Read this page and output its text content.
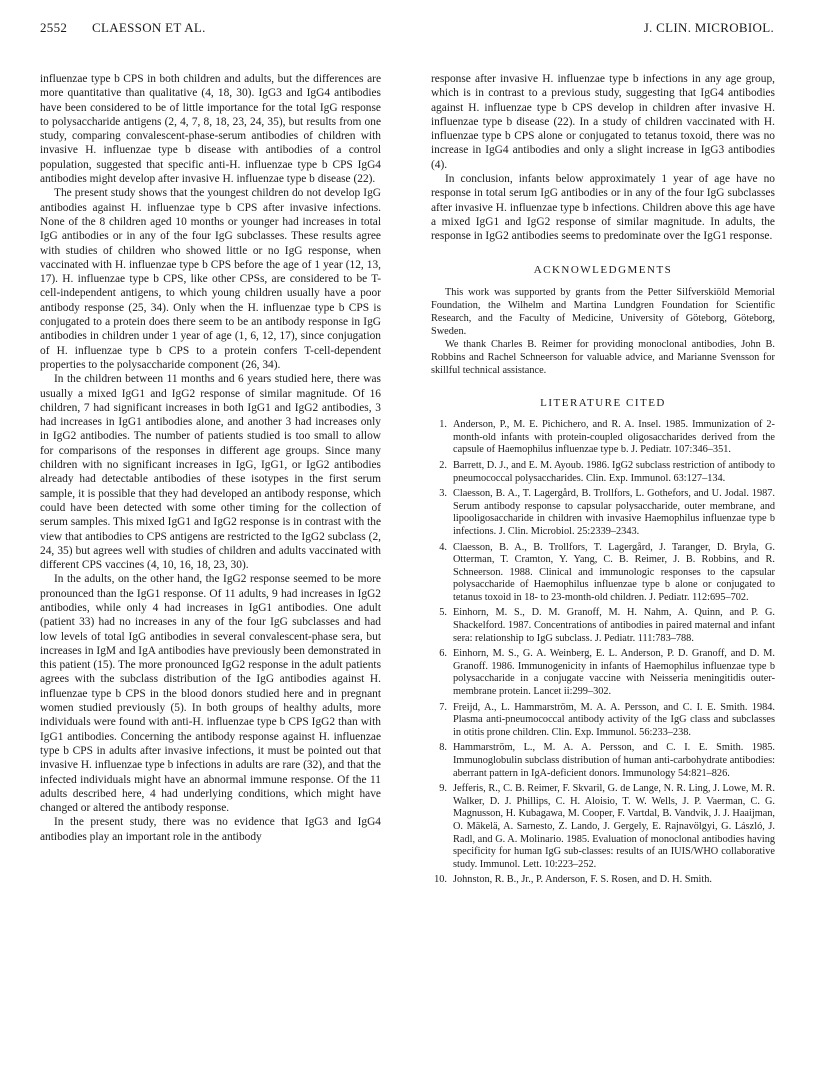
2552 CLAESSON ET AL.	J. CLIN. MICROBIOL.

influenzae type b CPS in both children and adults, but the differences are more quantitative than qualitative (4, 18, 30). IgG3 and IgG4 antibodies have been considered to be of little importance for the total IgG response to polysaccharide antigens (2, 4, 7, 8, 18, 23, 24, 35), but results from one study, comparing convalescent-phase-serum antibodies of children with invasive H. influenzae type b disease with antibodies of a control population, suggested that specific anti-H. influenzae type b CPS IgG4 antibodies might develop after invasive H. influenzae type b disease (22).

The present study shows that the youngest children do not develop IgG antibodies against H. influenzae type b CPS after invasive infections. None of the 8 children aged 10 months or younger had increases in total IgG antibodies or in any of the four IgG subclasses. These results agree with studies of children who showed little or no IgG response, when vaccinated with H. influenzae type b CPS before the age of 1 year (12, 13, 17). H. influenzae type b CPS, like other CPSs, are considered to be T-cell-independent antigens, to which young children usually have a poor antibody response (25, 34). Only when the H. influenzae type b CPS is conjugated to a protein does there seem to be an antibody response in IgG antibodies in children under 1 year of age (1, 6, 12, 17), since conjugation of H. influenzae type b CPS to a protein confers T-cell-dependent properties to the polysaccharide component (26, 34).

In the children between 11 months and 6 years studied here, there was usually a mixed IgG1 and IgG2 response of similar magnitude. Of 16 children, 7 had significant increases in both IgG1 and IgG2 antibodies, 3 had increases in IgG1 antibodies alone, and another 3 had increases only in IgG2 antibodies. The number of patients studied is too small to allow for comparisons of the responses in different age groups. Since many children with no significant increases in IgG, IgG1, or IgG2 antibodies already had detectable antibodies of these isotypes in the first serum sample, it is possible that they had developed an antibody response, which could have been detected with some other timing for the collection of serum samples. This mixed IgG1 and IgG2 response is in contrast with the view that antibodies to CPS antigens are restricted to the IgG2 subclass (2, 24, 35) but agrees well with studies of children and adults vaccinated with different CPS vaccines (4, 10, 16, 18, 23, 30).

In the adults, on the other hand, the IgG2 response seemed to be more pronounced than the IgG1 response. Of 11 adults, 9 had increases in IgG2 antibodies, while only 4 had increases in IgG1 antibodies. One adult (patient 33) had no increases in any of the four IgG subclasses and had low levels of total IgG antibodies in several convalescent-phase sera, but increases in IgM and IgA antibodies have previously been demonstrated in this patient (15). The more pronounced IgG2 response in the adult patients agrees with the subclass distribution of the IgG antibodies against H. influenzae type b CPS in the blood donors studied here and in pregnant women studied previously (5). In both groups of healthy adults, more individuals were found with anti-H. influenzae type b CPS IgG2 than with IgG1 antibodies. Concerning the antibody response against H. influenzae type b CPS in adults after invasive infections, it must be pointed out that invasive H. influenzae type b infections in adults are rare (32), and that the infected individuals might have an abnormal immune response. Of the 11 adults described here, 4 had underlying conditions, which might have changed or altered the antibody response.

In the present study, there was no evidence that IgG3 and IgG4 antibodies play an important role in the antibody

response after invasive H. influenzae type b infections in any age group, which is in contrast to a previous study, suggesting that IgG4 antibodies against H. influenzae type b CPS develop in children after invasive H. influenzae type b disease (22). In a study of children vaccinated with H. influenzae type b CPS alone or conjugated to tetanus toxoid, there was no increase in IgG4 antibodies and only a slight increase in IgG3 antibodies (4).

In conclusion, infants below approximately 1 year of age have no response in total serum IgG antibodies or in any of the four IgG subclasses after invasive H. influenzae type b infections. Children above this age have a mixed IgG1 and IgG2 response of similar magnitude. In adults, the response in IgG2 antibodies seems to predominate over the IgG1 response.

ACKNOWLEDGMENTS

This work was supported by grants from the Petter Silfverskiöld Memorial Foundation, the Wilhelm and Martina Lundgren Foundation for Scientific Research, and the Faculty of Medicine, University of Göteborg, Göteborg, Sweden.

We thank Charles B. Reimer for providing monoclonal antibodies, John B. Robbins and Rachel Schneerson for valuable advice, and Marianne Svensson for skillful technical assistance.

LITERATURE CITED
1. Anderson, P., M. E. Pichichero, and R. A. Insel. 1985. Immunization of 2-month-old infants with protein-coupled oligosaccharides derived from the capsule of Haemophilus influenzae type b. J. Pediatr. 107:346–351.
2. Barrett, D. J., and E. M. Ayoub. 1986. IgG2 subclass restriction of antibody to pneumococcal polysaccharides. Clin. Exp. Immunol. 63:127–134.
3. Claesson, B. A., T. Lagergård, B. Trollfors, L. Gothefors, and U. Jodal. 1987. Serum antibody response to capsular polysaccharide, outer membrane, and lipooligosaccharide in children with invasive Haemophilus influenzae type b infections. J. Clin. Microbiol. 25:2339–2343.
4. Claesson, B. A., B. Trollfors, T. Lagergård, J. Taranger, D. Bryla, G. Otterman, T. Cramton, Y. Yang, C. B. Reimer, J. B. Robbins, and R. Schneerson. 1988. Clinical and immunologic responses to the capsular polysaccharide of Haemophilus influenzae type b alone or conjugated to tetanus toxoid in 18- to 23-month-old children. J. Pediatr. 112:695–702.
5. Einhorn, M. S., D. M. Granoff, M. H. Nahm, A. Quinn, and P. G. Shackelford. 1987. Concentrations of antibodies in paired maternal and infant sera: relationship to IgG subclass. J. Pediatr. 111:783–788.
6. Einhorn, M. S., G. A. Weinberg, E. L. Anderson, P. D. Granoff, and D. M. Granoff. 1986. Immunogenicity in infants of Haemophilus influenzae type b polysaccharide in a conjugate vaccine with Neisseria meningitidis outer-membrane protein. Lancet ii:299–302.
7. Freijd, A., L. Hammarström, M. A. A. Persson, and C. I. E. Smith. 1984. Plasma anti-pneumococcal antibody activity of the IgG class and subclasses in otitis prone children. Clin. Exp. Immunol. 56:233–238.
8. Hammarström, L., M. A. A. Persson, and C. I. E. Smith. 1985. Immunoglobulin subclass distribution of human anti-carbohydrate antibodies: aberrant pattern in IgA-deficient donors. Immunology 54:821–826.
9. Jefferis, R., C. B. Reimer, F. Skvaril, G. de Lange, N. R. Ling, J. Lowe, M. R. Walker, D. J. Phillips, C. H. Aloisio, T. W. Wells, J. P. Vaerman, C. G. Magnusson, H. Kubagawa, M. Cooper, F. Vartdal, B. Vandvik, J. J. Haaijman, O. Mäkelä, A. Sarnesto, Z. Lando, J. Gergely, E. Rajnavölgyi, G. László, J. Radl, and G. A. Molinario. 1985. Evaluation of monoclonal antibodies having specificity for human IgG sub-classes: results of an IUIS/WHO collaborative study. Immunol. Lett. 10:223–252.
10. Johnston, R. B., Jr., P. Anderson, F. S. Rosen, and D. H. Smith.
